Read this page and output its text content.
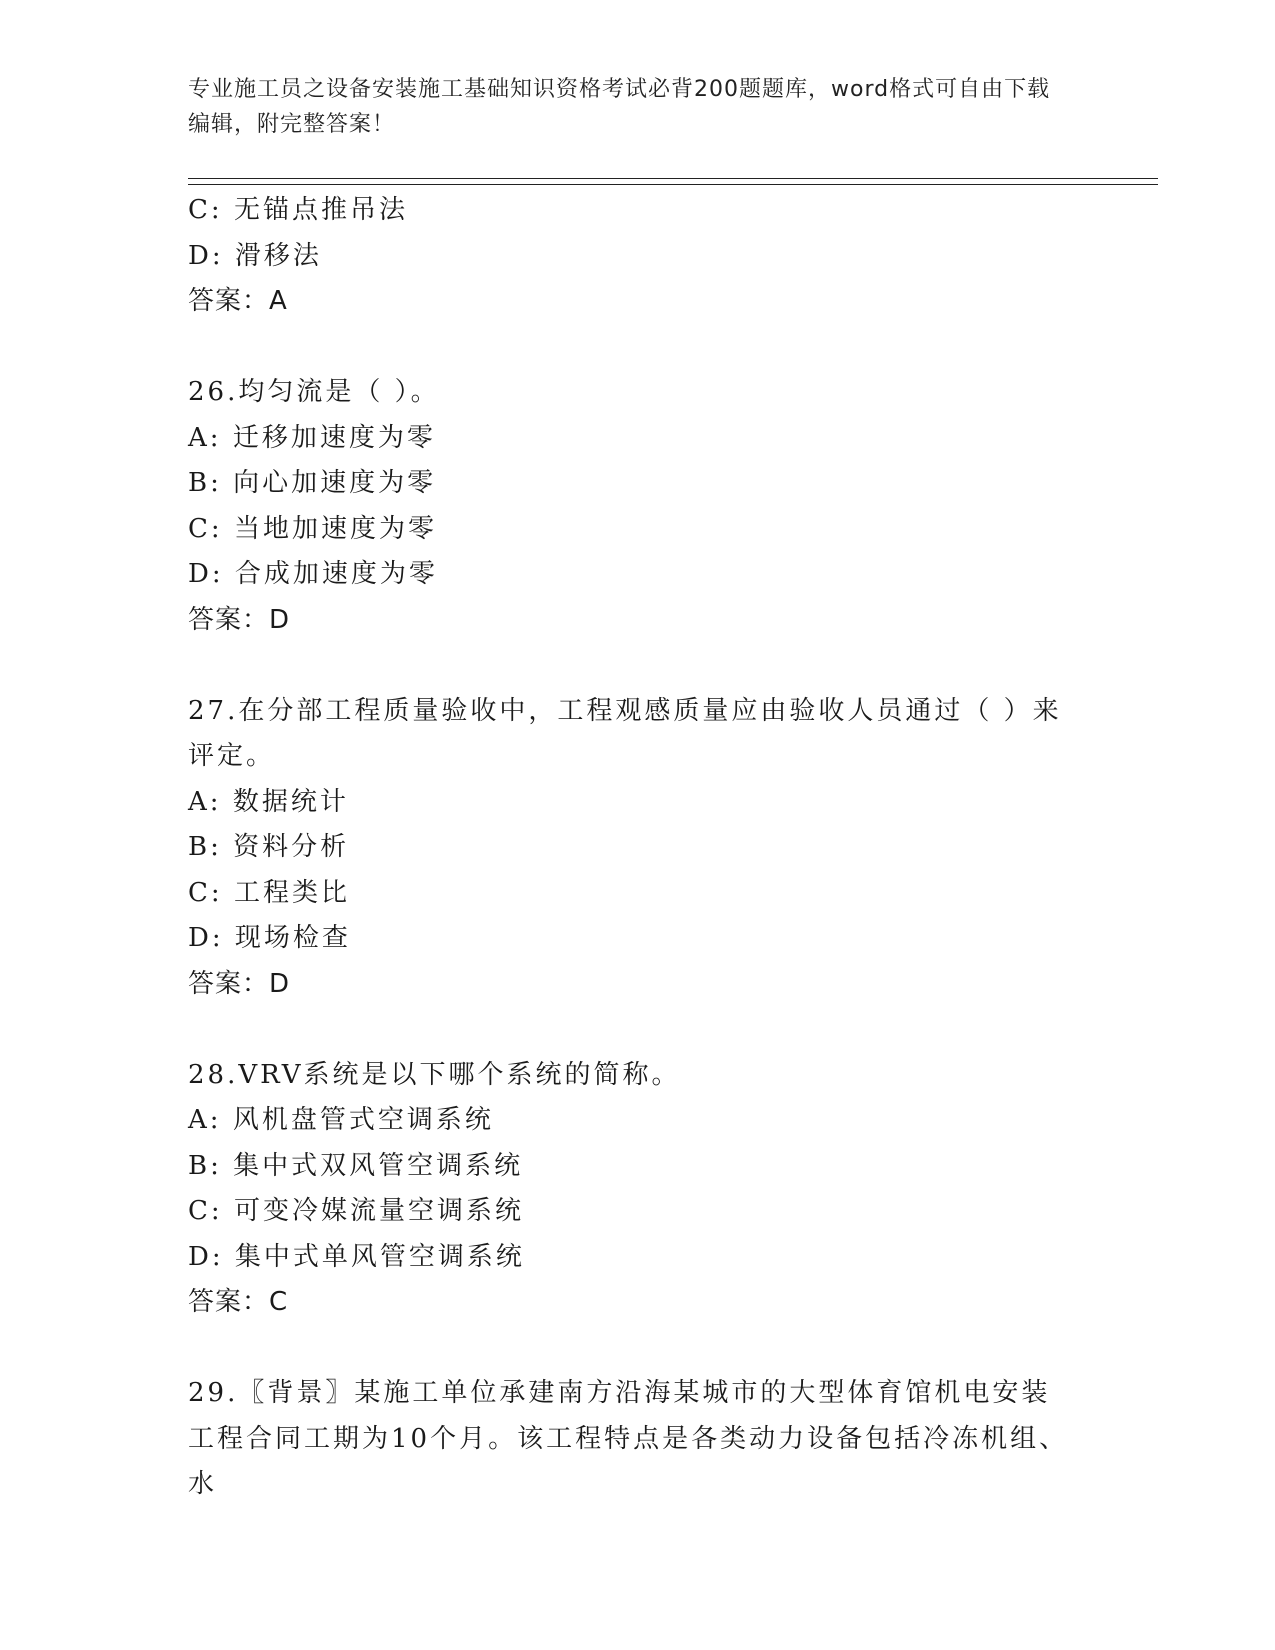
专业施工员之设备安装施工基础知识资格考试必背200题题库，word格式可自由下载编辑，附完整答案！
C: 无锚点推吊法
D: 滑移法
答案：A
26.均匀流是（ ）。
A: 迁移加速度为零
B: 向心加速度为零
C: 当地加速度为零
D: 合成加速度为零
答案：D
27.在分部工程质量验收中，工程观感质量应由验收人员通过（ ）来评定。
A: 数据统计
B: 资料分析
C: 工程类比
D: 现场检查
答案：D
28.VRV系统是以下哪个系统的简称。
A: 风机盘管式空调系统
B: 集中式双风管空调系统
C: 可变冷媒流量空调系统
D: 集中式单风管空调系统
答案：C
29.〖背景〗某施工单位承建南方沿海某城市的大型体育馆机电安装工程合同工期为10个月。该工程特点是各类动力设备包括冷冻机组、水
